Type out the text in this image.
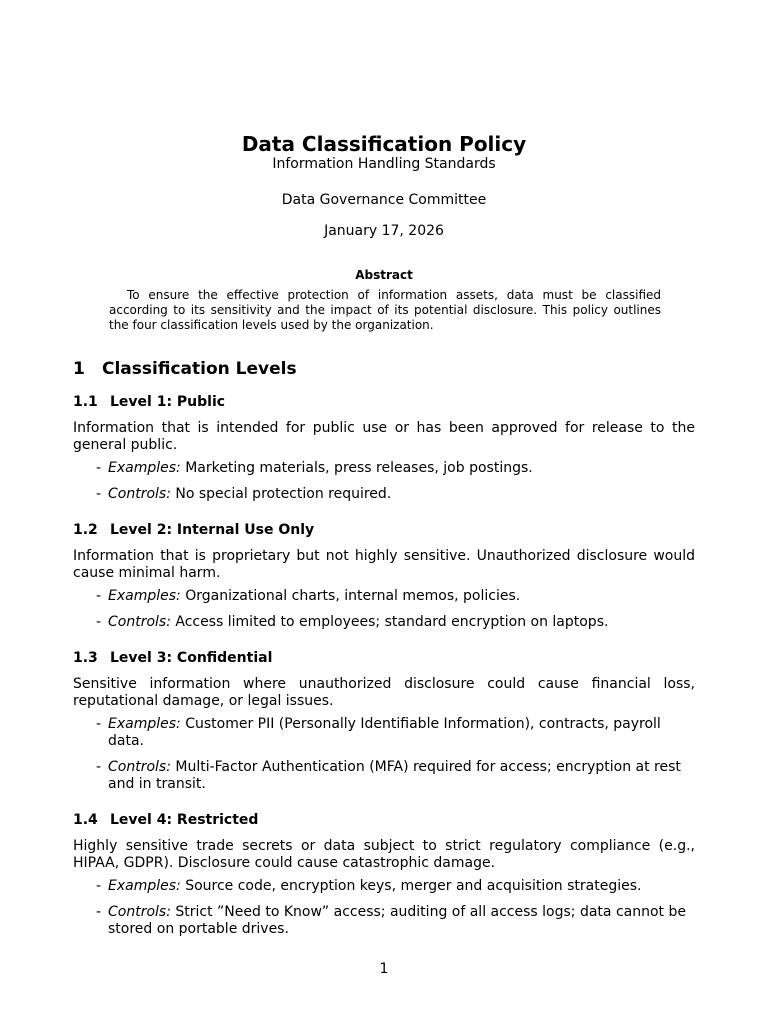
Data Classification Policy
Information Handling Standards
Data Governance Committee
January 17, 2026
Abstract

To ensure the effective protection of information assets, data must be classified according to its sensitivity and the impact of its potential disclosure. This policy outlines the four classification levels used by the organization.

1 Classification Levels
1.1 Level 1: Public

Information that is intended for public use or has been approved for release to the general public.

- Examples: Marketing materials, press releases, job postings.
- Controls: No special protection required.
1.2 Level 2: Internal Use Only

Information that is proprietary but not highly sensitive. Unauthorized disclosure would cause minimal harm.

- Examples: Organizational charts, internal memos, policies.
- Controls: Access limited to employees; standard encryption on laptops.
1.3 Level 3: Confidential

Sensitive information where unauthorized disclosure could cause financial loss, reputational damage, or legal issues.

- Examples: Customer PII (Personally Identifiable Information), contracts, payroll data.
- Controls: Multi-Factor Authentication (MFA) required for access; encryption at rest and in transit.
1.4 Level 4: Restricted

Highly sensitive trade secrets or data subject to strict regulatory compliance (e.g., HIPAA, GDPR). Disclosure could cause catastrophic damage.

- Examples: Source code, encryption keys, merger and acquisition strategies.
- Controls: Strict ”Need to Know” access; auditing of all access logs; data cannot be stored on portable drives.
1
